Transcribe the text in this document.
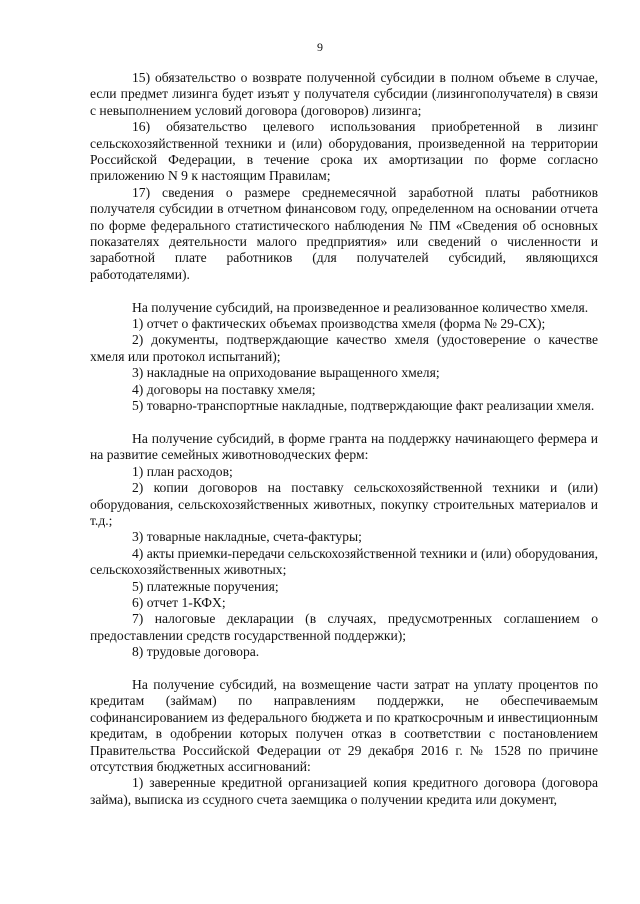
9

15) обязательство о возврате полученной субсидии в полном объеме в случае, если предмет лизинга будет изъят у получателя субсидии (лизингополучателя) в связи с невыполнением условий договора (договоров) лизинга;

16) обязательство целевого использования приобретенной в лизинг сельскохозяйственной техники и (или) оборудования, произведенной на территории Российской Федерации, в течение срока их амортизации по форме согласно приложению N 9 к настоящим Правилам;

17) сведения о размере среднемесячной заработной платы работников получателя субсидии в отчетном финансовом году, определенном на основании отчета по форме федерального статистического наблюдения № ПМ «Сведения об основных показателях деятельности малого предприятия» или сведений о численности и заработной плате работников (для получателей субсидий, являющихся работодателями).

На получение субсидий, на произведенное и реализованное количество хмеля.

1) отчет о фактических объемах производства хмеля (форма № 29-СХ);

2) документы, подтверждающие качество хмеля (удостоверение о качестве хмеля или протокол испытаний);

3) накладные на оприходование выращенного хмеля;

4) договоры на поставку хмеля;

5) товарно-транспортные накладные, подтверждающие факт реализации хмеля.

На получение субсидий, в форме гранта на поддержку начинающего фермера и на развитие семейных животноводческих ферм:

1) план расходов;

2) копии договоров на поставку сельскохозяйственной техники и (или) оборудования, сельскохозяйственных животных, покупку строительных материалов и т.д.;

3) товарные накладные, счета-фактуры;

4) акты приемки-передачи сельскохозяйственной техники и (или) оборудования, сельскохозяйственных животных;

5) платежные поручения;

6) отчет 1-КФХ;

7) налоговые декларации (в случаях, предусмотренных соглашением о предоставлении средств государственной поддержки);

8) трудовые договора.

На получение субсидий, на возмещение части затрат на уплату процентов по кредитам (займам) по направлениям поддержки, не обеспечиваемым софинансированием из федерального бюджета и по краткосрочным и инвестиционным кредитам, в одобрении которых получен отказ в соответствии с постановлением Правительства Российской Федерации от 29 декабря 2016 г. № 1528 по причине отсутствия бюджетных ассигнований:

1) заверенные кредитной организацией копия кредитного договора (договора займа), выписка из ссудного счета заемщика о получении кредита или документ,
